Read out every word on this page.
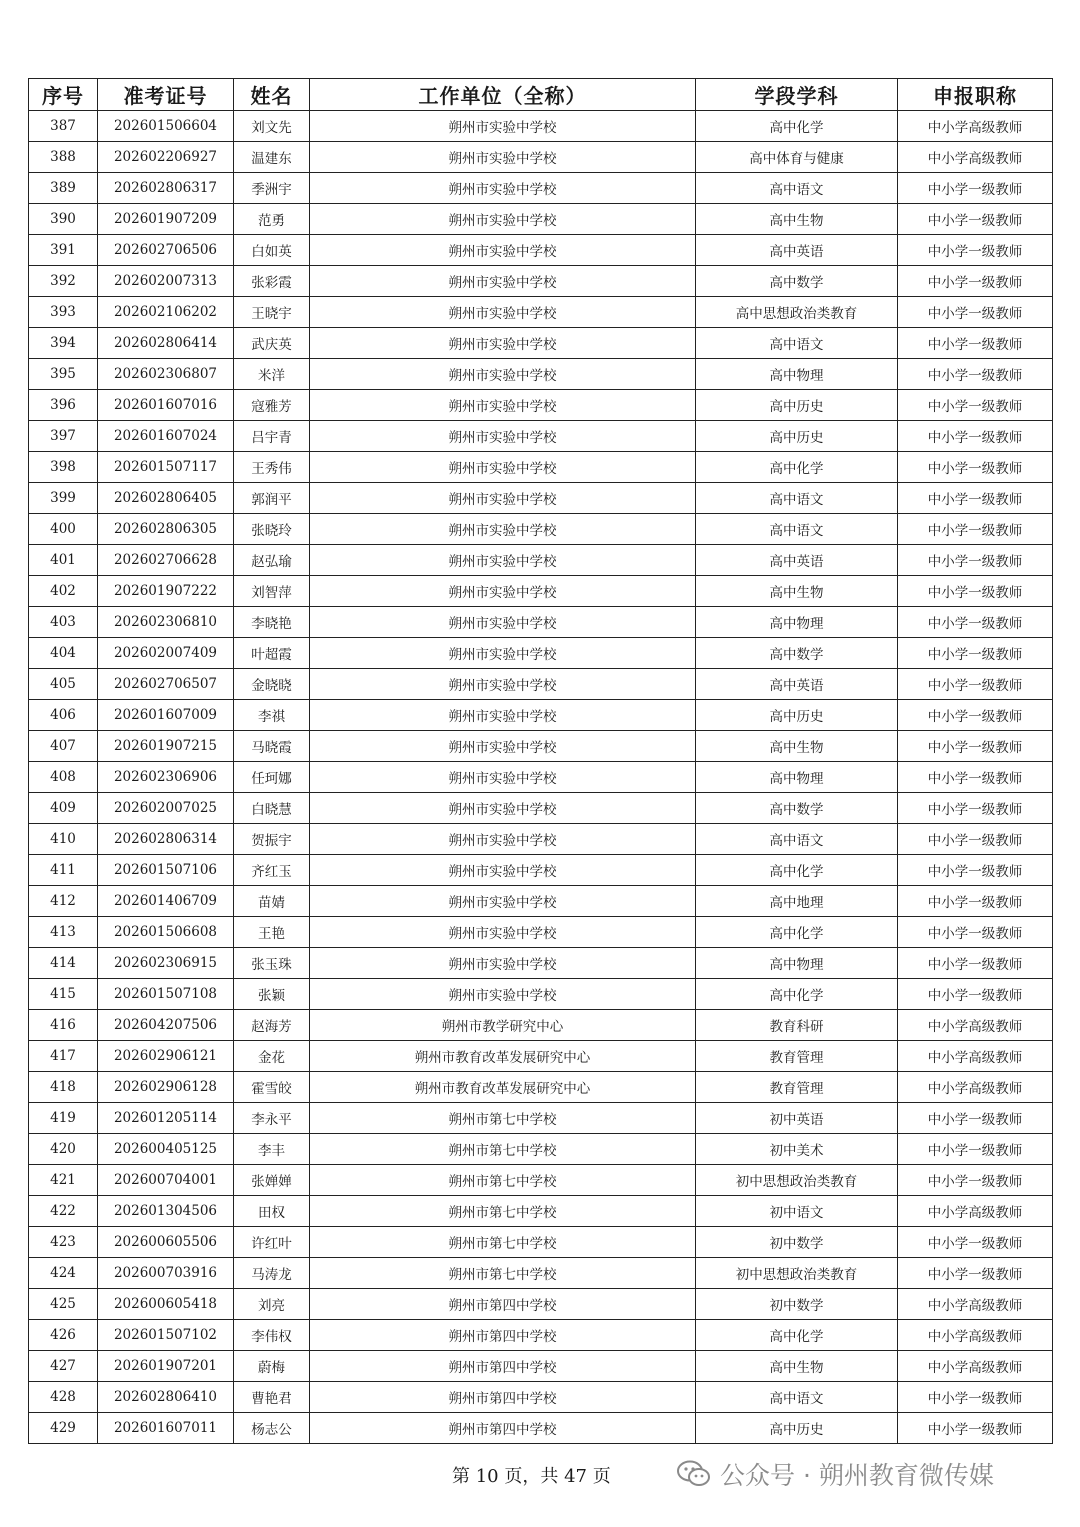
序号	准考证号	姓名	工作单位（全称）	学段学科	申报职称
387	202601506604	刘文先	朔州市实验中学校	高中化学	中小学高级教师
388	202602206927	温建东	朔州市实验中学校	高中体育与健康	中小学高级教师
389	202602806317	季洲宇	朔州市实验中学校	高中语文	中小学一级教师
390	202601907209	范勇	朔州市实验中学校	高中生物	中小学一级教师
391	202602706506	白如英	朔州市实验中学校	高中英语	中小学一级教师
392	202602007313	张彩霞	朔州市实验中学校	高中数学	中小学一级教师
393	202602106202	王晓宇	朔州市实验中学校	高中思想政治类教育	中小学一级教师
394	202602806414	武庆英	朔州市实验中学校	高中语文	中小学一级教师
395	202602306807	米洋	朔州市实验中学校	高中物理	中小学一级教师
396	202601607016	寇雅芳	朔州市实验中学校	高中历史	中小学一级教师
397	202601607024	吕宇青	朔州市实验中学校	高中历史	中小学一级教师
398	202601507117	王秀伟	朔州市实验中学校	高中化学	中小学一级教师
399	202602806405	郭润平	朔州市实验中学校	高中语文	中小学一级教师
400	202602806305	张晓玲	朔州市实验中学校	高中语文	中小学一级教师
401	202602706628	赵弘瑜	朔州市实验中学校	高中英语	中小学一级教师
402	202601907222	刘智萍	朔州市实验中学校	高中生物	中小学一级教师
403	202602306810	李晓艳	朔州市实验中学校	高中物理	中小学一级教师
404	202602007409	叶超霞	朔州市实验中学校	高中数学	中小学一级教师
405	202602706507	金晓晓	朔州市实验中学校	高中英语	中小学一级教师
406	202601607009	李祺	朔州市实验中学校	高中历史	中小学一级教师
407	202601907215	马晓霞	朔州市实验中学校	高中生物	中小学一级教师
408	202602306906	任珂娜	朔州市实验中学校	高中物理	中小学一级教师
409	202602007025	白晓慧	朔州市实验中学校	高中数学	中小学一级教师
410	202602806314	贺振宇	朔州市实验中学校	高中语文	中小学一级教师
411	202601507106	齐红玉	朔州市实验中学校	高中化学	中小学一级教师
412	202601406709	苗婧	朔州市实验中学校	高中地理	中小学一级教师
413	202601506608	王艳	朔州市实验中学校	高中化学	中小学一级教师
414	202602306915	张玉珠	朔州市实验中学校	高中物理	中小学一级教师
415	202601507108	张颖	朔州市实验中学校	高中化学	中小学一级教师
416	202604207506	赵海芳	朔州市教学研究中心	教育科研	中小学高级教师
417	202602906121	金花	朔州市教育改革发展研究中心	教育管理	中小学高级教师
418	202602906128	霍雪皎	朔州市教育改革发展研究中心	教育管理	中小学高级教师
419	202601205114	李永平	朔州市第七中学校	初中英语	中小学一级教师
420	202600405125	李丰	朔州市第七中学校	初中美术	中小学一级教师
421	202600704001	张婵婵	朔州市第七中学校	初中思想政治类教育	中小学一级教师
422	202601304506	田权	朔州市第七中学校	初中语文	中小学高级教师
423	202600605506	许红叶	朔州市第七中学校	初中数学	中小学一级教师
424	202600703916	马涛龙	朔州市第七中学校	初中思想政治类教育	中小学一级教师
425	202600605418	刘亮	朔州市第四中学校	初中数学	中小学高级教师
426	202601507102	李伟权	朔州市第四中学校	高中化学	中小学高级教师
427	202601907201	蔚梅	朔州市第四中学校	高中生物	中小学高级教师
428	202602806410	曹艳君	朔州市第四中学校	高中语文	中小学一级教师
429	202601607011	杨志公	朔州市第四中学校	高中历史	中小学一级教师
第 10 页，共 47 页	公众号 · 朔州教育微传媒
